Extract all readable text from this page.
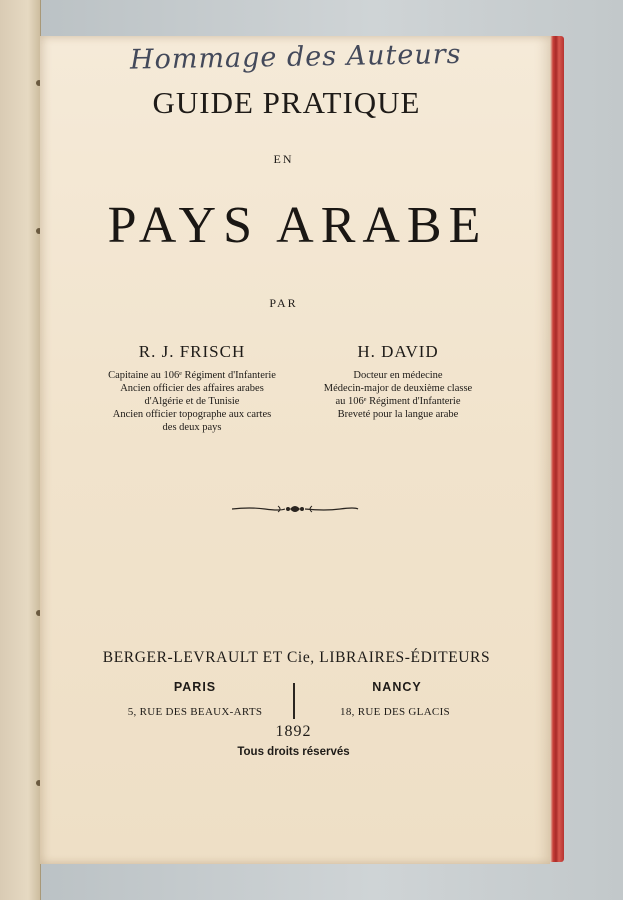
Hommage des Auteurs
GUIDE PRATIQUE
EN
PAYS ARABE
PAR
R. J. FRISCH
Capitaine au 106ᵉ Régiment d'Infanterie
Ancien officier des affaires arabes
d'Algérie et de Tunisie
Ancien officier topographe aux cartes
des deux pays
H. DAVID
Docteur en médecine
Médecin-major de deuxième classe
au 106ᵉ Régiment d'Infanterie
Breveté pour la langue arabe
BERGER-LEVRAULT ET Cie, LIBRAIRES-ÉDITEURS
PARIS	NANCY
5, RUE DES BEAUX-ARTS	18, RUE DES GLACIS
1892
Tous droits réservés
